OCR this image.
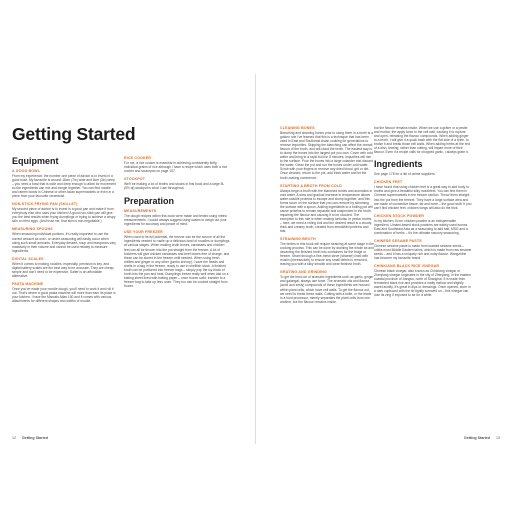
Getting Started
Equipment
A GOOD BOWL

From my experience, the number-one piece of advice is to invest in a good bowl. My favourite is around 18cm (7in) wide and 8cm (3in) deep – you need a bowl that is wide and deep enough to allow for movement so the ingredients can mix and mingle together. You can find noodle and ramen bowls in Chinese or other Asian supermarkets or even in a piece from your favourite ceramicist.

NON-STICK FRYING PAN (SKILLET)

My second piece of advice is to invest in a good pan and make it from everybody else who uses your kitchen! A good non-stick pan will give you the best results when frying dumplings or trying to achieve a crispy skin on fried eggs. (And trust me, that skin is non-negotiable.)

MEASURING SPOONS

When seasoning individual portions, it's really important to use the correct amount as over- or under-seasoning will easily occur when using such small amounts. Everyday dessert, soup and teaspoons vary massively in their volume and cannot be used reliably to measure ingredients.

DIGITAL SCALES

When it comes to making noodles, especially, precision is key, and digital battery scales are the best way to be accurate. They are cheap, simple and don't need to be expensive. Salter is an affordable alternative.

PASTA MACHINE

Once you've made your noodle dough, you'll need to work it and roll it out. That's where a good pasta machine will more than earn its place in your kitchen. I have the Marcato Atlas 150 and it comes with various attachments for different shapes and widths of noodle.

RICE COOKER

For me, a rice cooker is essential in achieving consistently fluffy, individual grains of rice although I have a recipe which uses both a rice cooker and saucepan on page 157.

STOCKPOT

We'll be making a lot of broths and stocks in this book and a large 5L (5½ qt) stockpot is what I use throughout.

Preparation
MEASUREMENTS

The dough recipes within this book were made and tested using metric measurements. I would always suggest using scales to weigh out your ingredients for accuracy and peace of mind.

USE YOUR FREEZER

When used to its full potential, the freezer can be the source of all the ingredients needed to rustle up a delicious bowl of noodles or dumplings at various stages. When making broth bones, carcasses and chicken feet can all be thrown into the pot straight from the freezer. A lot of butchers will give chicken carcasses and beef bones free of charge, and these can be stored in the freezer until needed. When using fresh chillies and ginger or any other (jumbo shrimp), I save the heads and shells in a bag in the freezer, ready to use in shellfish stock. A finished broth can be portioned into freezer bags – simply pop the icy block of broth into the pan and heat. Dumplings freeze really well when laid on a baking sheet lined with baking paper – once frozen solid, transfer to a freezer bag to take up less room. They too can be cooked straight from frozen.

12 Getting Started
CLEANING BONES

Blanching and cleaning bones prior to using them in a broth is a golden rule I've learned that this is a technique that has been used in East and Southeast Asian cooking for generations to remove impurities. Skipping the blanching can affect the overall flavour of the broth, and will cloud the broth. The easiest way is to dump the bones into the largest pot you own. Cover with cold water and bring to a rapid boil for 5 minutes; impurities will rise to the surface. Pour the bones into a large colander and discard the water. Clean the pot and run the bones under cold water. Scrub with your fingers to remove any dried blood, grit or dirt. Once cleaned, return to the pot, add fresh water and let the broth-making commence.

STARTING A BROTH FROM COLD

Always begin a broth with the blanched bones and aromatics in cold water. A slow and gradual increase in temperature allows water-soluble proteins to escape and clump together, and this forms scum on the surface that you can remove by skimming the surface with a spoon. Adding ingredients to a boiling pot will cause proteins to remain separate and suspended in the broth, impairing the flavour and causing it to be clouded. The exception to this rule is when making tonkotsu or pedon broths – here, we need a rolling boil and the desired result is a cloudy, thick and creamy broth, created from emulsified proteins and fats.

STRAINING BROTH

The broths in this book will require straining at some stage in the cooking process. This can be done by draining the whole lot and decanting the finished broth into containers for the fridge or freezer. Strain through a fine-mesh sieve (strainer) lined with muslin (cheesecloth) to ensure any small debris is removed, leaving you with a silky smooth and clear finished broth.

GRATING AND GRINDING

To get the best out of aromatic ingredients such as garlic, ginger and galangal, always use force. The aromatic oils and flavour (acrid and zesty) compounds of these ingredients are housed within plant cells, which have cell walls. To get the flavour out, we need to break these walls. Cutting with a knife, or the blade in a food processor, merely separates the plant cells from one another, but the flavour remains inside.

but the flavour remains inside. When we use a grater or a pestle and mortar, the apply force to the cell wall, causing it to rupture and open, releasing the flavour compounds. When adding ginger to a broth, I will give it a quick bash with the flat side of a knife, to bruise it and break those cell walls. When adding herbs at the end of a dish, tearing, rather than cutting, will impart more of their flavour. Even if a recipe calls for chopped garlic, I always grate it.

Ingredients

See page 178 for a list of online suppliers.

CHICKEN FEET

I have found that using chicken feet is a great way to add body to broths and give a beautiful silky mouthfeel. You can find them in Chinese supermarkets in the freezer section. Throw them straight into the pot from the freezer. They have a large surface area and are made of connective tissue, fat and bone – the good stuff. If you can't find chicken feet, chicken wings will also do the trick.

CHICKEN STOCK POWDER

In my kitchen, Knorr chicken powder is an indispensable ingredient. Umami-based stock powders are widely used across East and Southeast Asia as a seasoning to add salt, MSG and a combination of herbs – it's the ultimate savoury seasoning.

CHINESE SESAME PASTE

Chinese sesame paste is made from toasted sesame seeds – unlike most Middle Eastern tahini, which is made from raw sesame seeds – and it has a uniquely rich and nutty flavour. Wangzhihe has become my favourite brand.

CHINKIANG BLACK RICE VINEGAR

Chinese black vinegar, also known as Chinkiang vinegar or Zhenjiang vinegar originates in the city of Zhenjiang, in the eastern coastal province of Jiangsu, north of Shanghai. It is made from fermented black rice and provides a malty mellow and slightly sweet acidity. It's great in dips or dressings. Once opened, store in a dark cupboard with the lid tightly screwed on – this vinegar can lose its zing if exposed to air for a while.

Getting Started 13
